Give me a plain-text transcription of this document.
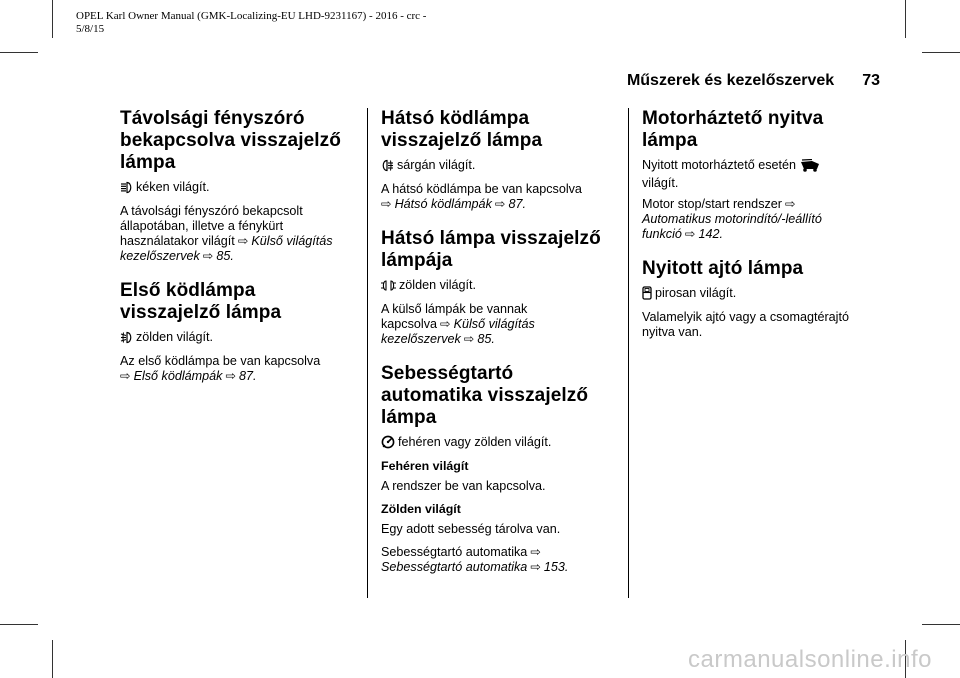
OPEL Karl Owner Manual (GMK-Localizing-EU LHD-9231167) - 2016 - crc -
5/8/15
Műszerek és kezelőszervek 73
Távolsági fényszóró bekapcsolva visszajelző lámpa

kéken világít.

A távolsági fényszóró bekapcsolt állapotában, illetve a fénykürt használatakor világít ⇨ Külső világítás kezelőszervek ⇨ 85.

Első ködlámpa visszajelző lámpa

zölden világít.

Az első ködlámpa be van kapcsolva
⇨ Első ködlámpák ⇨ 87.

Hátsó ködlámpa visszajelző lámpa

sárgán világít.

A hátsó ködlámpa be van kapcsolva
⇨ Hátsó ködlámpák ⇨ 87.

Hátsó lámpa visszajelző lámpája

zölden világít.

A külső lámpák be vannak kapcsolva ⇨ Külső világítás kezelőszervek ⇨ 85.

Sebességtartó automatika visszajelző lámpa

fehéren vagy zölden világít.

Fehéren világít

A rendszer be van kapcsolva.

Zölden világít

Egy adott sebesség tárolva van.

Sebességtartó automatika ⇨
Sebességtartó automatika ⇨ 153.

Motorháztető nyitva lámpa

Nyitott motorháztető esetén
világít.

Motor stop/start rendszer ⇨
Automatikus motorindító/-leállító funkció ⇨ 142.

Nyitott ajtó lámpa

pirosan világít.

Valamelyik ajtó vagy a csomagtérajtó nyitva van.

carmanualsonline.info
